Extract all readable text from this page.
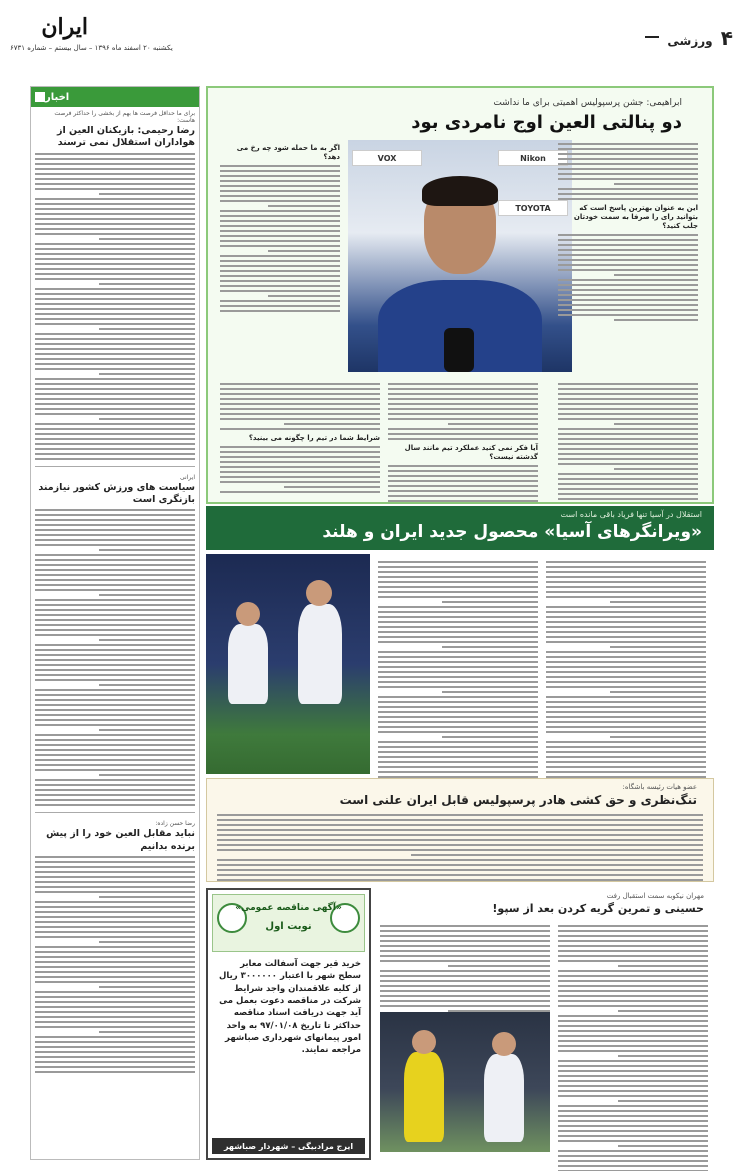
ایران
یکشنبه ۲۰ اسفند ماه ۱۳۹۶ – سال بیستم – شماره ۶۷۳۱	۴ ورزشی
اخبار
برای ما حداقل فرصت ها بهم از بخشی را حداکثر فرصت هاست:
رضا رحیمی: بازیکنان العین از هواداران استقلال نمی ترسند
ایرانی
سیاست های ورزش کشور نیازمند بازنگری است
رضا حسن زاده:
نباید مقابل العین خود را از پیش برنده بدانیم
ابراهیمی: جشن پرسپولیس اهمیتی برای ما نداشت
دو پنالتی العین اوج نامردی بود
Nikon
VOX
TOYOTA
اگر به ما حمله شود چه رخ می دهد؟
این به عنوان بهترین پاسخ است که بتوانید رای را صرفا به سمت خودتان جلب کنید؟
شرایط شما در تیم را چگونه می بینید؟
آیا فکر نمی کنید عملکرد تیم مانند سال گذشته نیست؟
استقلال در آسیا تنها فریاد باقی مانده است
«ویرانگرهای آسیا» محصول جدید ایران و هلند
عضو هیات رئیسه باشگاه:
تنگ‌نظری و حق کشی هادر پرسپولیس قابل ایران علنی است
«آگهی مناقصه عمومی»
نوبت اول
خرید قیر جهت آسفالت معابر سطح شهر با اعتبار ۳۰۰۰۰۰۰ ریال از کلیه علاقمندان واجد شرایط شرکت در مناقصه دعوت بعمل می آید جهت دریافت اسناد مناقصه حداکثر تا تاریخ ۹۷/۰۱/۰۸ به واحد امور پیمانهای شهرداری صباشهر مراجعه نمایند.
ایرج مرادبیگی – شهردار صباشهر
مهران نیکوبه سمت استقبال رفت
حسینی و تمرین گریه کردن بعد از سپو!
